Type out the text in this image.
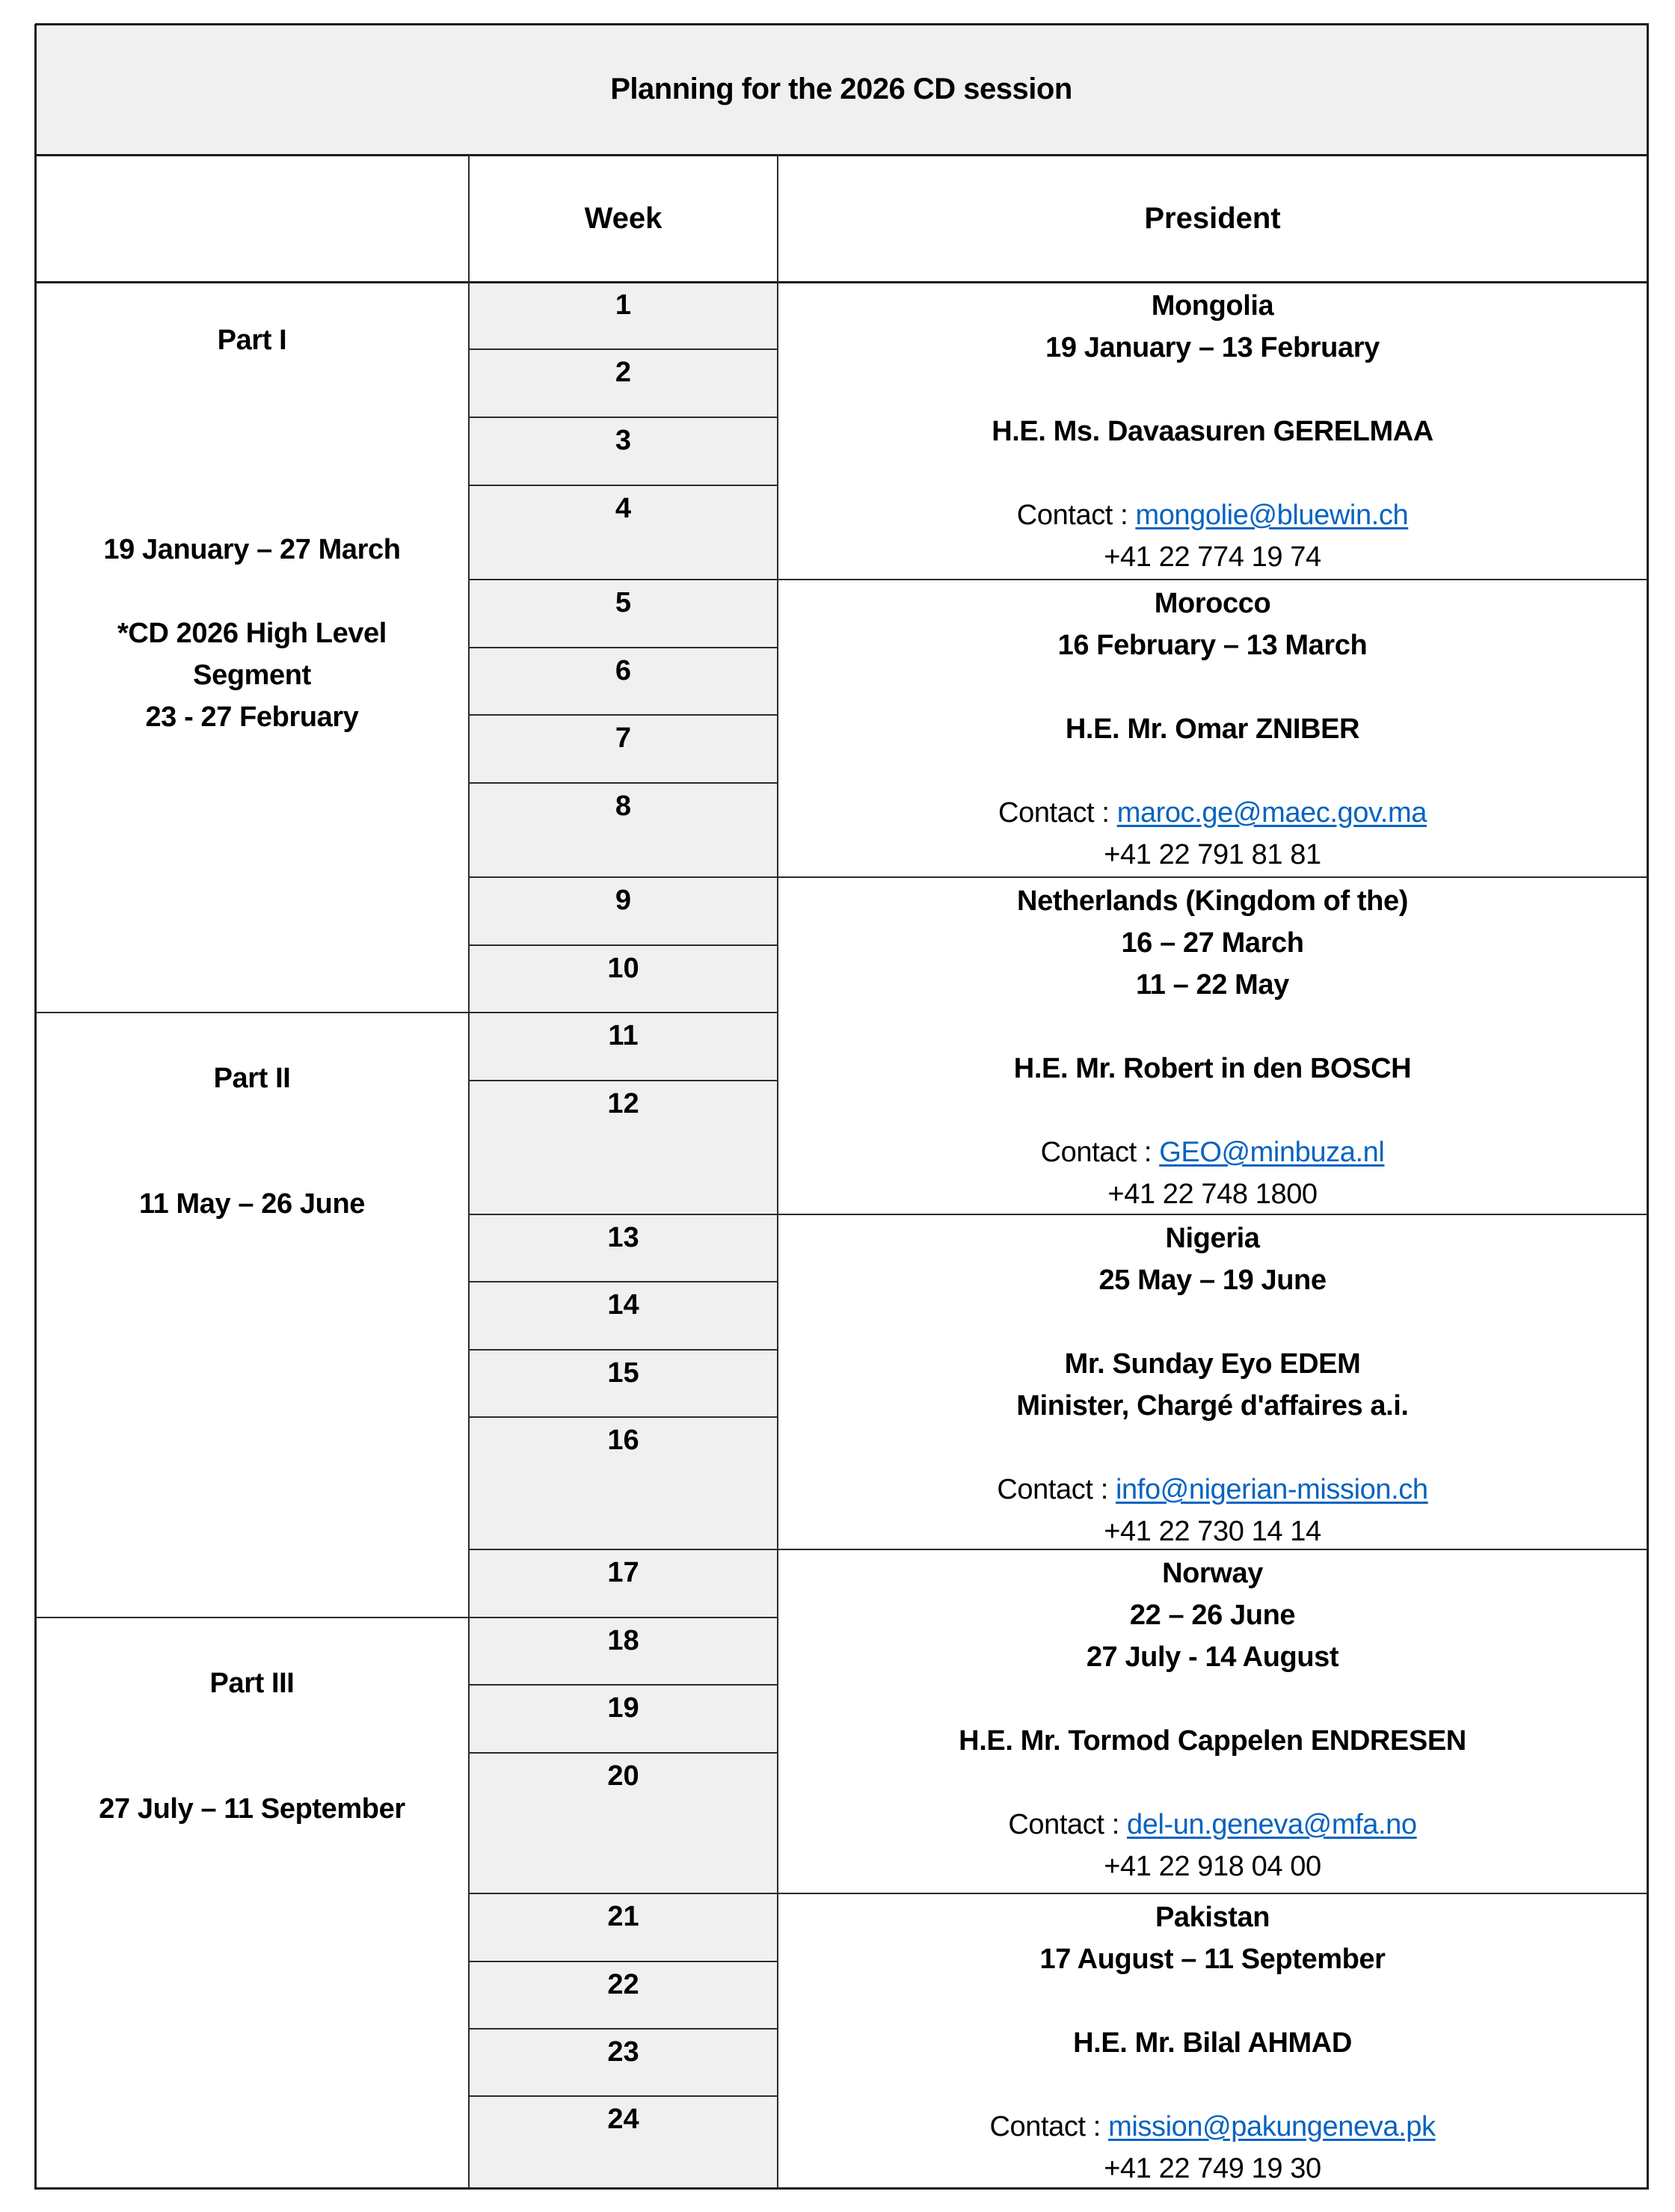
Planning for the 2026 CD session
Week	President
1
2
3
4
5
6
7
8
9
10
11
12
13
14
15
16
17
18
19
20
21
22
23
24
Part I
19 January – 27 March
*CD 2026 High Level
Segment
23 - 27 February
Part II
11 May – 26 June
Part III
27 July – 11 September
Mongolia
19 January – 13 February
H.E. Ms. Davaasuren GERELMAA
Contact : mongolie@bluewin.ch
+41 22 774 19 74
Morocco
16 February – 13 March
H.E. Mr. Omar ZNIBER
Contact : maroc.ge@maec.gov.ma
+41 22 791 81 81
Netherlands (Kingdom of the)
16 – 27 March
11 – 22 May
H.E. Mr. Robert in den BOSCH
Contact : GEO@minbuza.nl
+41 22 748 1800
Nigeria
25 May – 19 June
Mr. Sunday Eyo EDEM
Minister, Chargé d'affaires a.i.
Contact : info@nigerian-mission.ch
+41 22 730 14 14
Norway
22 – 26 June
27 July - 14 August
H.E. Mr. Tormod Cappelen ENDRESEN
Contact : del-un.geneva@mfa.no
+41 22 918 04 00
Pakistan
17 August – 11 September
H.E. Mr. Bilal AHMAD
Contact : mission@pakungeneva.pk
+41 22 749 19 30
